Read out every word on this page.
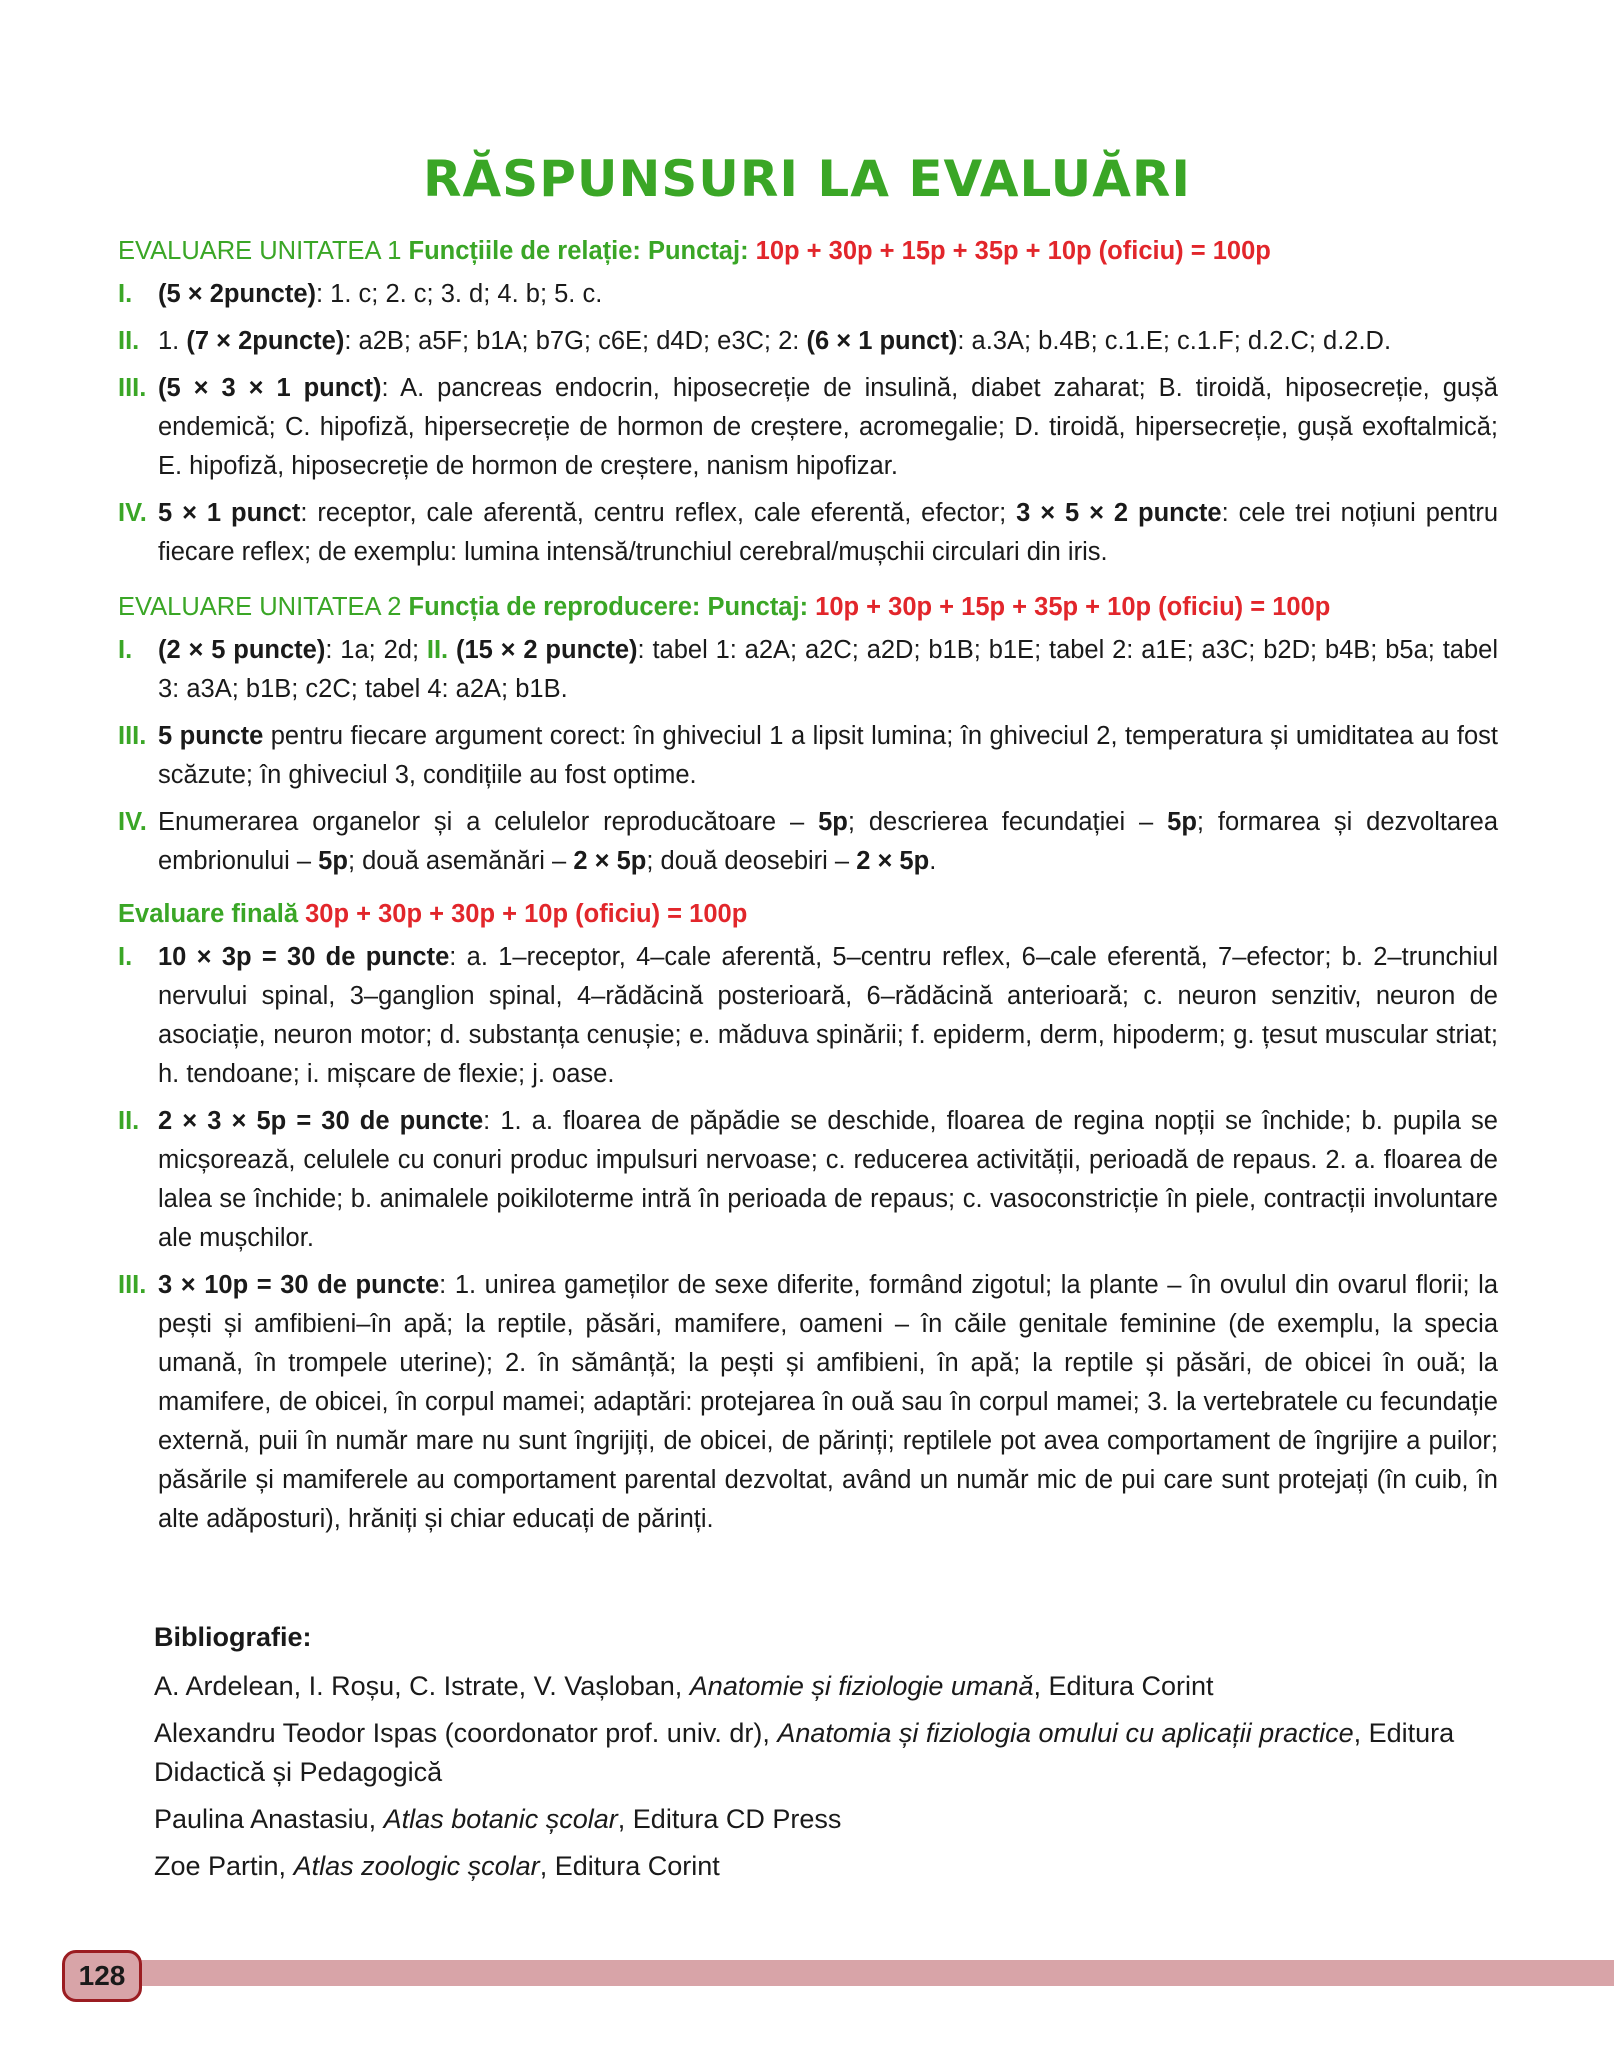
RĂSPUNSURI LA EVALUĂRI

EVALUARE UNITATEA 1 Funcțiile de relație: Punctaj: 10p + 30p + 15p + 35p + 10p (oficiu) = 100p

I. (5 × 2puncte): 1. c; 2. c; 3. d; 4. b; 5. c.

II. 1. (7 × 2puncte): a2B; a5F; b1A; b7G; c6E; d4D; e3C; 2: (6 × 1 punct): a.3A; b.4B; c.1.E; c.1.F; d.2.C; d.2.D.

III. (5 × 3 × 1 punct): A. pancreas endocrin, hiposecreție de insulină, diabet zaharat; B. tiroidă, hiposecreție, gușă endemică; C. hipofiză, hipersecreție de hormon de creștere, acromegalie; D. tiroidă, hipersecreție, gușă exoftalmică; E. hipofiză, hiposecreție de hormon de creștere, nanism hipofizar.

IV. 5 × 1 punct: receptor, cale aferentă, centru reflex, cale eferentă, efector; 3 × 5 × 2 puncte: cele trei noțiuni pentru fiecare reflex; de exemplu: lumina intensă/trunchiul cerebral/mușchii circulari din iris.

EVALUARE UNITATEA 2 Funcția de reproducere: Punctaj: 10p + 30p + 15p + 35p + 10p (oficiu) = 100p

I. (2 × 5 puncte): 1a; 2d; II. (15 × 2 puncte): tabel 1: a2A; a2C; a2D; b1B; b1E; tabel 2: a1E; a3C; b2D; b4B; b5a; tabel 3: a3A; b1B; c2C; tabel 4: a2A; b1B.

III. 5 puncte pentru fiecare argument corect: în ghiveciul 1 a lipsit lumina; în ghiveciul 2, temperatura și umiditatea au fost scăzute; în ghiveciul 3, condițiile au fost optime.

IV. Enumerarea organelor și a celulelor reproducătoare – 5p; descrierea fecundației – 5p; formarea și dezvoltarea embrionului – 5p; două asemănări – 2 × 5p; două deosebiri – 2 × 5p.

Evaluare finală 30p + 30p + 30p + 10p (oficiu) = 100p

I. 10 × 3p = 30 de puncte: a. 1–receptor, 4–cale aferentă, 5–centru reflex, 6–cale eferentă, 7–efector; b. 2–trunchiul nervului spinal, 3–ganglion spinal, 4–rădăcină posterioară, 6–rădăcină anterioară; c. neuron senzitiv, neuron de asociație, neuron motor; d. substanța cenușie; e. măduva spinării; f. epiderm, derm, hipoderm; g. țesut muscular striat; h. tendoane; i. mișcare de flexie; j. oase.

II. 2 × 3 × 5p = 30 de puncte: 1. a. floarea de păpădie se deschide, floarea de regina nopții se închide; b. pupila se micșorează, celulele cu conuri produc impulsuri nervoase; c. reducerea activității, perioadă de repaus. 2. a. floarea de lalea se închide; b. animalele poikiloterme intră în perioada de repaus; c. vasoconstricție în piele, contracții involuntare ale mușchilor.

III. 3 × 10p = 30 de puncte: 1. unirea gameților de sexe diferite, formând zigotul; la plante – în ovulul din ovarul florii; la pești și amfibieni–în apă; la reptile, păsări, mamifere, oameni – în căile genitale feminine (de exemplu, la specia umană, în trompele uterine); 2. în sămânță; la pești și amfibieni, în apă; la reptile și păsări, de obicei în ouă; la mamifere, de obicei, în corpul mamei; adaptări: protejarea în ouă sau în corpul mamei; 3. la vertebratele cu fecundație externă, puii în număr mare nu sunt îngrijiți, de obicei, de părinți; reptilele pot avea comportament de îngrijire a puilor; păsările și mamiferele au comportament parental dezvoltat, având un număr mic de pui care sunt protejați (în cuib, în alte adăposturi), hrăniți și chiar educați de părinți.

Bibliografie:

A. Ardelean, I. Roșu, C. Istrate, V. Vașloban, Anatomie și fiziologie umană, Editura Corint

Alexandru Teodor Ispas (coordonator prof. univ. dr), Anatomia și fiziologia omului cu aplicații practice, Editura Didactică și Pedagogică

Paulina Anastasiu, Atlas botanic școlar, Editura CD Press

Zoe Partin, Atlas zoologic școlar, Editura Corint

128
